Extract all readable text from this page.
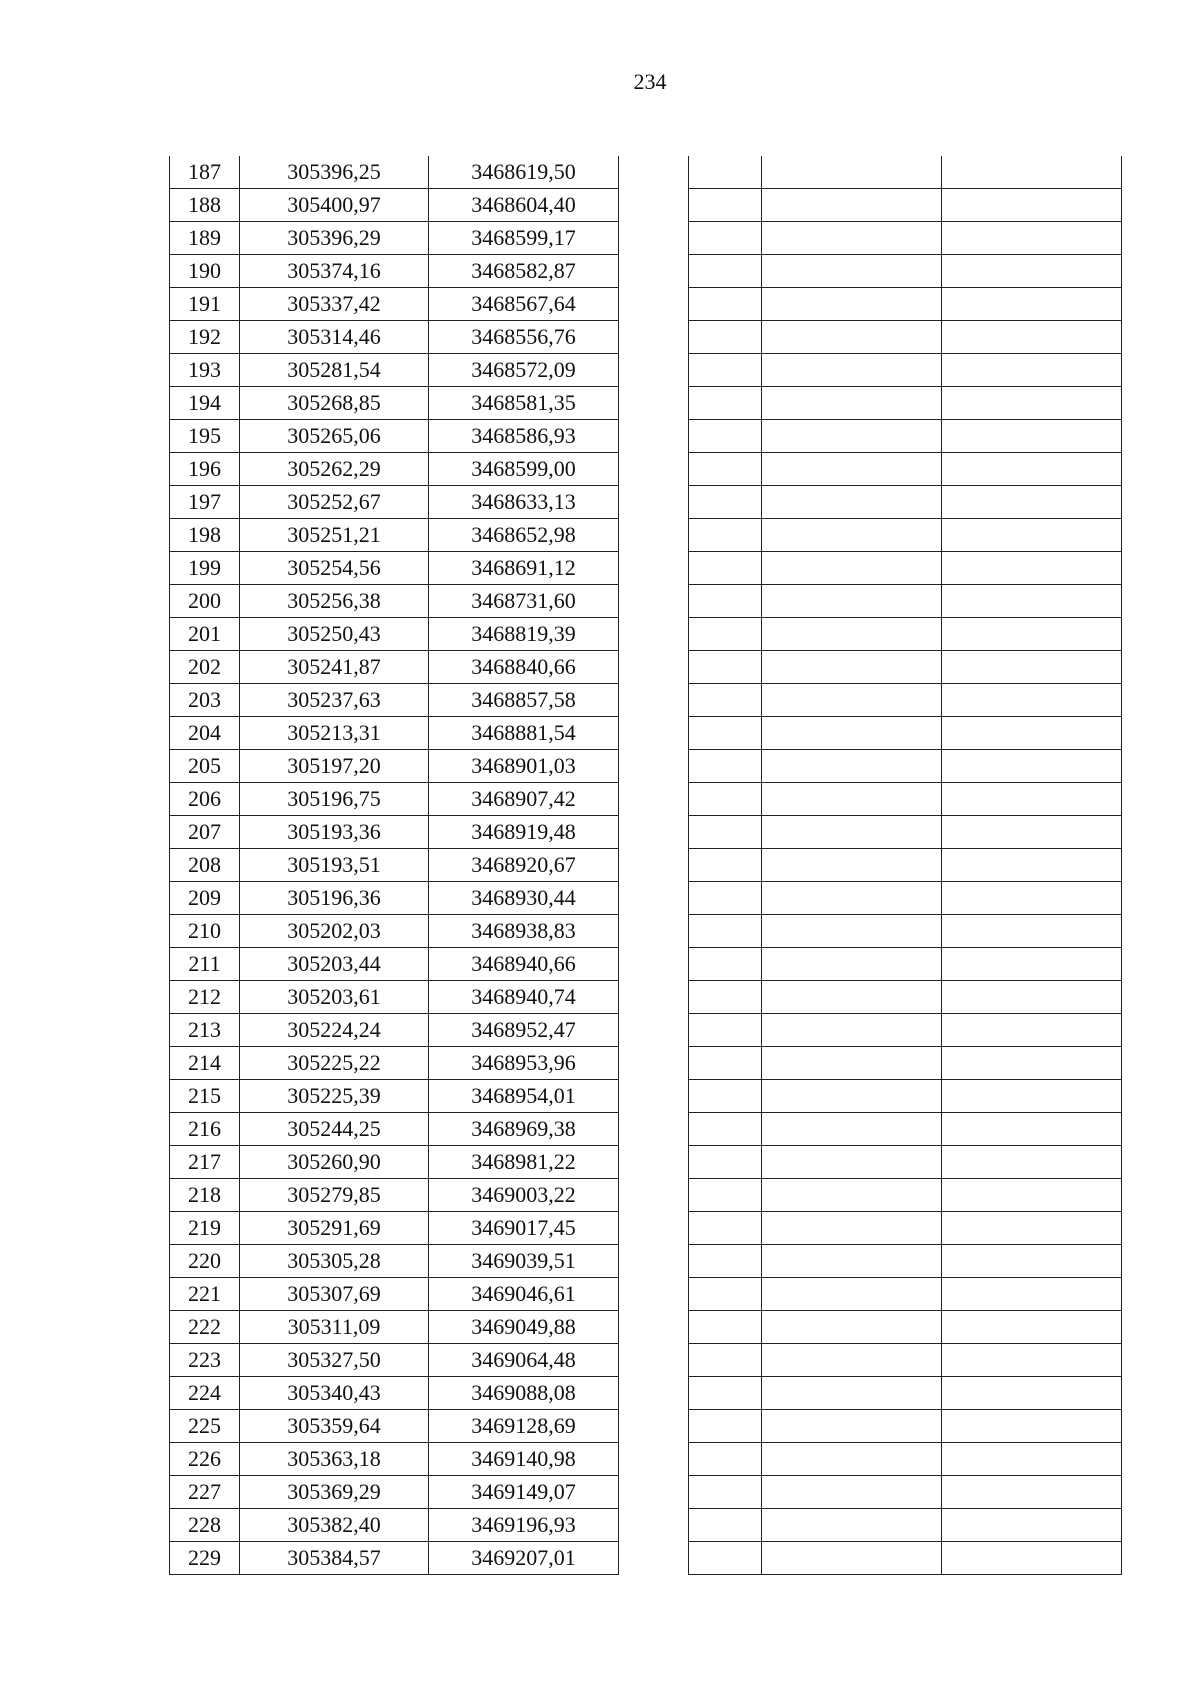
234
187	305396,25	3468619,50
188	305400,97	3468604,40
189	305396,29	3468599,17
190	305374,16	3468582,87
191	305337,42	3468567,64
192	305314,46	3468556,76
193	305281,54	3468572,09
194	305268,85	3468581,35
195	305265,06	3468586,93
196	305262,29	3468599,00
197	305252,67	3468633,13
198	305251,21	3468652,98
199	305254,56	3468691,12
200	305256,38	3468731,60
201	305250,43	3468819,39
202	305241,87	3468840,66
203	305237,63	3468857,58
204	305213,31	3468881,54
205	305197,20	3468901,03
206	305196,75	3468907,42
207	305193,36	3468919,48
208	305193,51	3468920,67
209	305196,36	3468930,44
210	305202,03	3468938,83
211	305203,44	3468940,66
212	305203,61	3468940,74
213	305224,24	3468952,47
214	305225,22	3468953,96
215	305225,39	3468954,01
216	305244,25	3468969,38
217	305260,90	3468981,22
218	305279,85	3469003,22
219	305291,69	3469017,45
220	305305,28	3469039,51
221	305307,69	3469046,61
222	305311,09	3469049,88
223	305327,50	3469064,48
224	305340,43	3469088,08
225	305359,64	3469128,69
226	305363,18	3469140,98
227	305369,29	3469149,07
228	305382,40	3469196,93
229	305384,57	3469207,01
